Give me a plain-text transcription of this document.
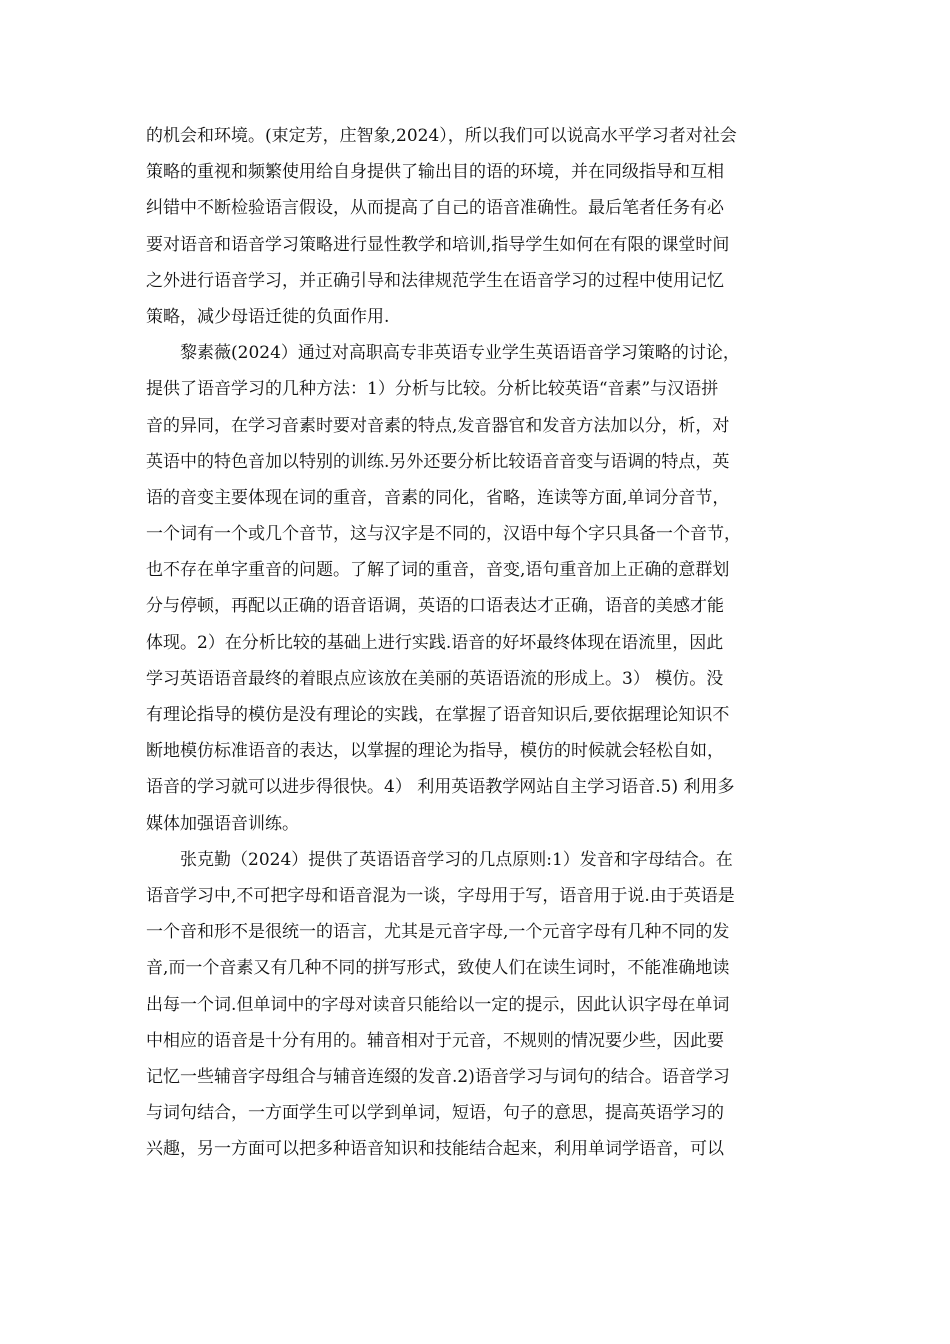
的机会和环境。(束定芳，庄智象,2024），所以我们可以说高水平学习者对社会
策略的重视和频繁使用给自身提供了输出目的语的环境，并在同级指导和互相
纠错中不断检验语言假设，从而提高了自己的语音准确性。最后笔者任务有必
要对语音和语音学习策略进行显性教学和培训,指导学生如何在有限的课堂时间
之外进行语音学习，并正确引导和法律规范学生在语音学习的过程中使用记忆
策略，减少母语迁徙的负面作用.
　　黎素薇(2024）通过对高职高专非英语专业学生英语语音学习策略的讨论，
提供了语音学习的几种方法：1）分析与比较。分析比较英语“音素”与汉语拼
音的异同，在学习音素时要对音素的特点,发音器官和发音方法加以分，析，对
英语中的特色音加以特别的训练.另外还要分析比较语音音变与语调的特点，英
语的音变主要体现在词的重音，音素的同化，省略，连读等方面,单词分音节，
一个词有一个或几个音节，这与汉字是不同的，汉语中每个字只具备一个音节，
也不存在单字重音的问题。了解了词的重音，音变,语句重音加上正确的意群划
分与停顿，再配以正确的语音语调，英语的口语表达才正确，语音的美感才能
体现。2）在分析比较的基础上进行实践.语音的好坏最终体现在语流里，因此
学习英语语音最终的着眼点应该放在美丽的英语语流的形成上。3） 模仿。没
有理论指导的模仿是没有理论的实践，在掌握了语音知识后,要依据理论知识不
断地模仿标准语音的表达，以掌握的理论为指导，模仿的时候就会轻松自如，
语音的学习就可以进步得很快。4） 利用英语教学网站自主学习语音.5) 利用多
媒体加强语音训练。
　　张克勤（2024）提供了英语语音学习的几点原则:1）发音和字母结合。在
语音学习中,不可把字母和语音混为一谈，字母用于写，语音用于说.由于英语是
一个音和形不是很统一的语言，尤其是元音字母,一个元音字母有几种不同的发
音,而一个音素又有几种不同的拼写形式，致使人们在读生词时，不能准确地读
出每一个词.但单词中的字母对读音只能给以一定的提示，因此认识字母在单词
中相应的语音是十分有用的。辅音相对于元音，不规则的情况要少些，因此要
记忆一些辅音字母组合与辅音连缀的发音.2)语音学习与词句的结合。语音学习
与词句结合，一方面学生可以学到单词，短语，句子的意思，提高英语学习的
兴趣，另一方面可以把多种语音知识和技能结合起来，利用单词学语音，可以
